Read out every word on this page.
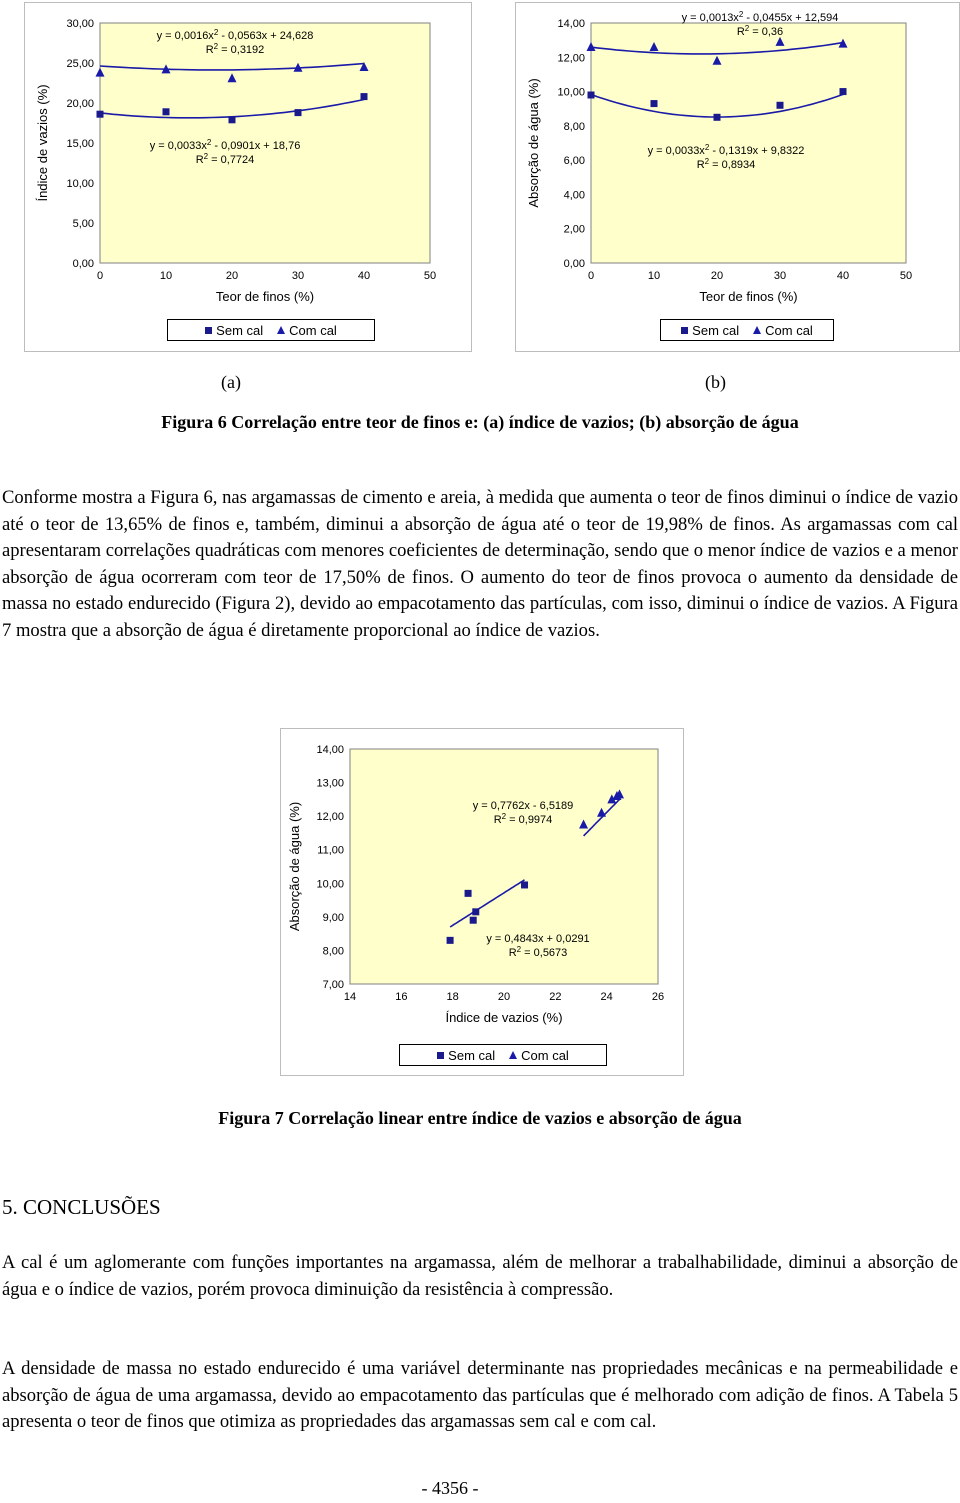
0,00
5,00
10,00
15,00
20,00
25,00
30,00
0	10	20	30	40	50
Teor de finos (%)
Índice de vazios (%)
$y = 0,0016x^2 - 0,0563x + 24,628$
$R^2 = 0,3192$
$y = 0,0033x^2 - 0,0901x + 18,76$
$R^2 = 0,7724$
Sem cal Com cal
0,00
2,00
4,00
6,00
8,00
10,00
12,00
14,00
0	10	20	30	40	50
Teor de finos (%)
Absorção de água (%)
$y = 0,0013x^2 - 0,0455x + 12,594$
$R^2 = 0,36$
$y = 0,0033x^2 - 0,1319x + 9,8322$
$R^2 = 0,8934$
Sem cal Com cal
(a)	(b)
Figura 6 Correlação entre teor de finos e: (a) índice de vazios; (b) absorção de água

Conforme mostra a Figura 6, nas argamassas de cimento e areia, à medida que aumenta o teor de finos diminui o índice de vazio até o teor de 13,65% de finos e, também, diminui a absorção de água até o teor de 19,98% de finos. As argamassas com cal apresentaram correlações quadráticas com menores coeficientes de determinação, sendo que o menor índice de vazios e a menor absorção de água ocorreram com teor de 17,50% de finos. O aumento do teor de finos provoca o aumento da densidade de massa no estado endurecido (Figura 2), devido ao empacotamento das partículas, com isso, diminui o índice de vazios. A Figura 7 mostra que a absorção de água é diretamente proporcional ao índice de vazios.

7,00
8,00
9,00
10,00
11,00
12,00
13,00
14,00
14	16	18	20	22	24	26
Índice de vazios (%)
Absorção de água (%)	y = 0,7762x - 6,5189
$R^2 = 0,9974$
y = 0,4843x + 0,0291
$R^2 = 0,5673$
Sem cal Com cal
Figura 7 Correlação linear entre índice de vazios e absorção de água
5. CONCLUSÕES

A cal é um aglomerante com funções importantes na argamassa, além de melhorar a trabalhabilidade, diminui a absorção de água e o índice de vazios, porém provoca diminuição da resistência à compressão.

A densidade de massa no estado endurecido é uma variável determinante nas propriedades mecânicas e na permeabilidade e absorção de água de uma argamassa, devido ao empacotamento das partículas que é melhorado com adição de finos. A Tabela 5 apresenta o teor de finos que otimiza as propriedades das argamassas sem cal e com cal.

- 4356 -
